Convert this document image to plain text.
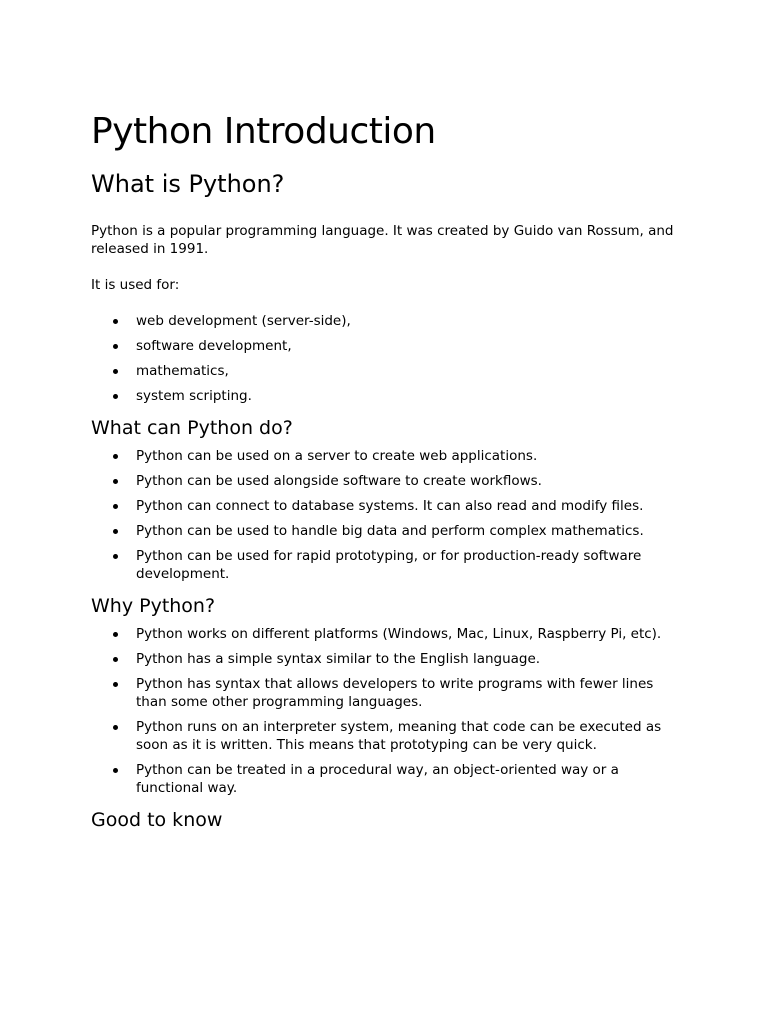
Python Introduction
What is Python?

Python is a popular programming language. It was created by Guido van Rossum, and released in 1991.

It is used for:

web development (server-side),
software development,
mathematics,
system scripting.
What can Python do?
Python can be used on a server to create web applications.
Python can be used alongside software to create workflows.
Python can connect to database systems. It can also read and modify files.
Python can be used to handle big data and perform complex mathematics.
Python can be used for rapid prototyping, or for production-ready software development.
Why Python?
Python works on different platforms (Windows, Mac, Linux, Raspberry Pi, etc).
Python has a simple syntax similar to the English language.
Python has syntax that allows developers to write programs with fewer lines than some other programming languages.
Python runs on an interpreter system, meaning that code can be executed as soon as it is written. This means that prototyping can be very quick.
Python can be treated in a procedural way, an object-oriented way or a functional way.
Good to know
